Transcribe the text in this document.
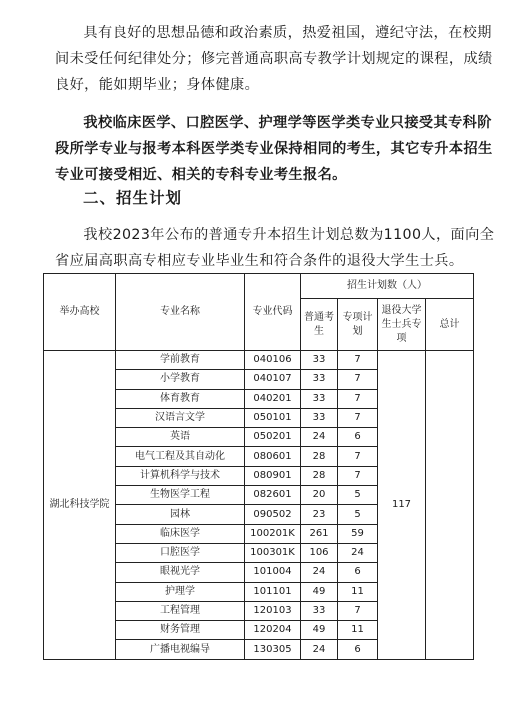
具有良好的思想品德和政治素质，热爱祖国，遵纪守法，在校期间未受任何纪律处分；修完普通高职高专教学计划规定的课程，成绩良好，能如期毕业；身体健康。

我校临床医学、口腔医学、护理学等医学类专业只接受其专科阶段所学专业与报考本科医学类专业保持相同的考生，其它专升本招生专业可接受相近、相关的专科专业考生报名。

二、招生计划

我校2023年公布的普通专升本招生计划总数为1100人，面向全省应届高职高专相应专业毕业生和符合条件的退役大学生士兵。

举办高校	专业名称	专业代码	招生计划数（人）			
			普通考生	专项计划	退役大学生士兵专项	总计
湖北科技学院	学前教育	040106	33	7	117	
	小学教育	040107	33	7		
	体育教育	040201	33	7		
	汉语言文学	050101	33	7		
	英语	050201	24	6		
	电气工程及其自动化	080601	28	7		
	计算机科学与技术	080901	28	7		
	生物医学工程	082601	20	5		
	园林	090502	23	5		
	临床医学	100201K	261	59		
	口腔医学	100301K	106	24		
	眼视光学	101004	24	6		
	护理学	101101	49	11		
	工程管理	120103	33	7		
	财务管理	120204	49	11		
	广播电视编导	130305	24	6		
